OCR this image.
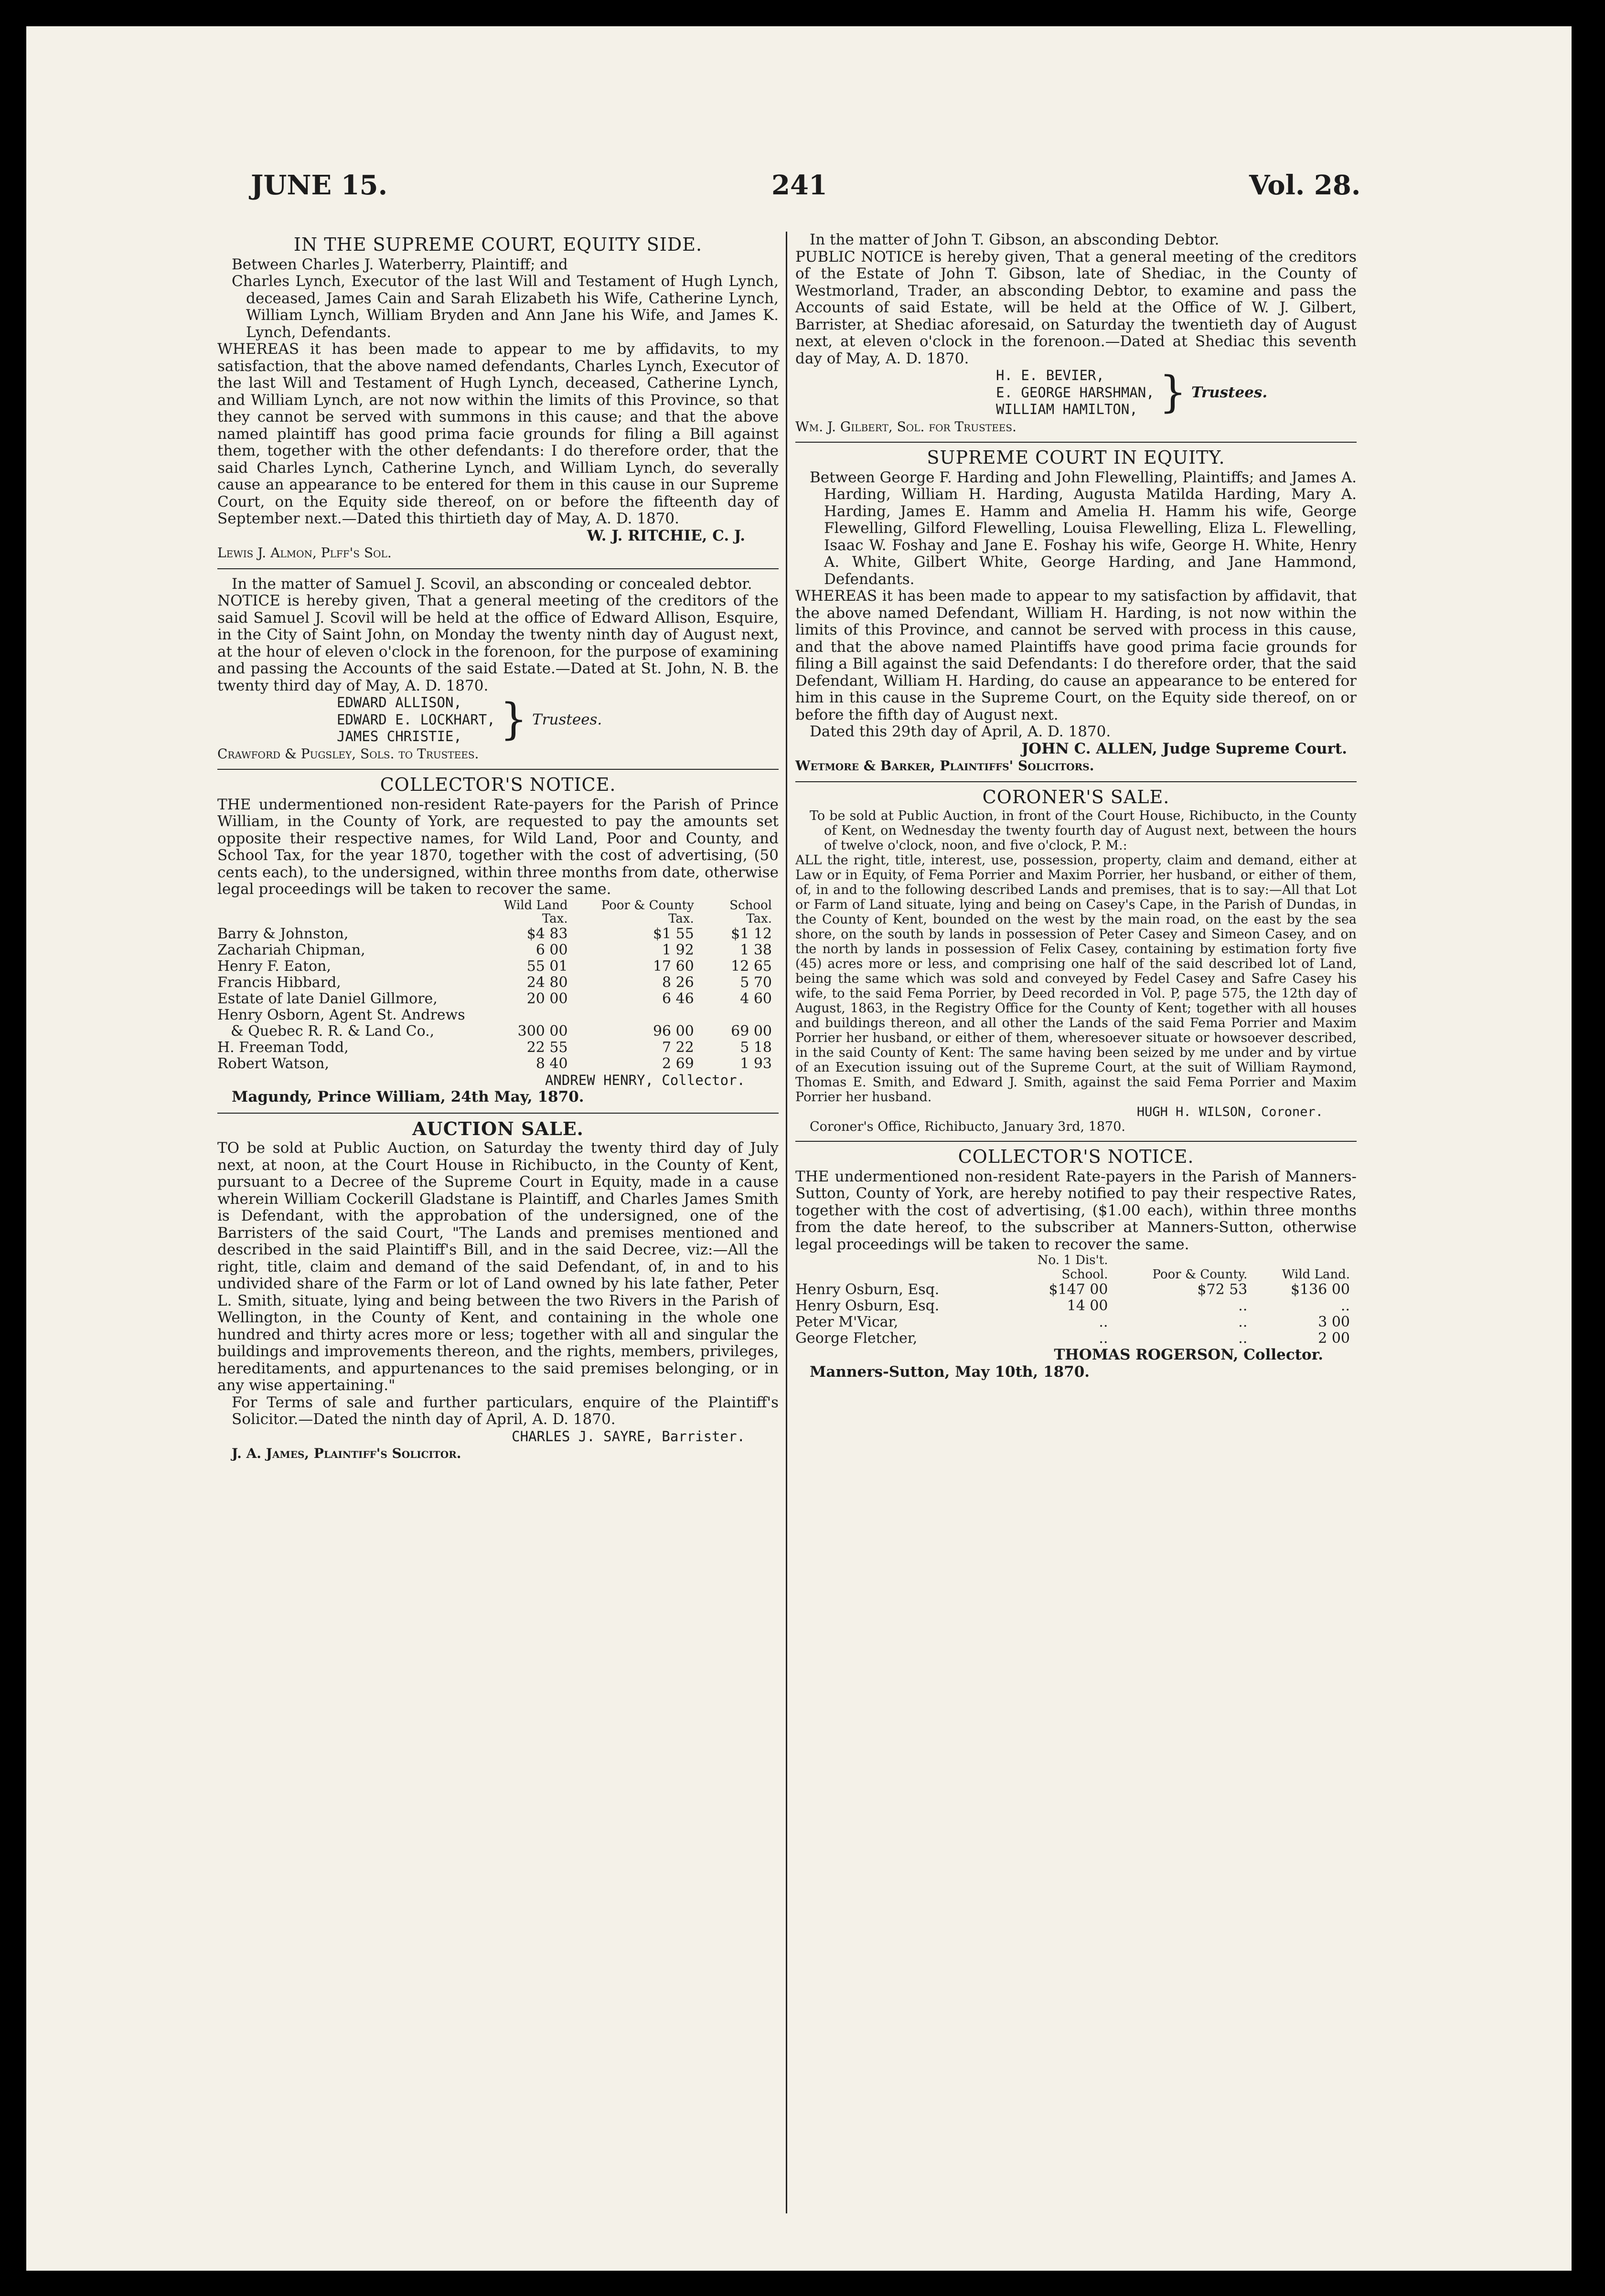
JUNE 15.	241	Vol. 28.
IN THE SUPREME COURT, EQUITY SIDE.

Between Charles J. Waterberry, Plaintiff; and

Charles Lynch, Executor of the last Will and Testament of Hugh Lynch, deceased, James Cain and Sarah Elizabeth his Wife, Catherine Lynch, William Lynch, William Bryden and Ann Jane his Wife, and James K. Lynch, Defendants.

WHEREAS it has been made to appear to me by affidavits, to my satisfaction, that the above named defendants, Charles Lynch, Executor of the last Will and Testament of Hugh Lynch, deceased, Catherine Lynch, and William Lynch, are not now within the limits of this Province, so that they cannot be served with summons in this cause; and that the above named plaintiff has good prima facie grounds for filing a Bill against them, together with the other defendants: I do therefore order, that the said Charles Lynch, Catherine Lynch, and William Lynch, do severally cause an appearance to be entered for them in this cause in our Supreme Court, on the Equity side thereof, on or before the fifteenth day of September next.—Dated this thirtieth day of May, A. D. 1870.

W. J. RITCHIE, C. J.

Lewis J. Almon, Plff's Sol.

In the matter of Samuel J. Scovil, an absconding or concealed debtor.

NOTICE is hereby given, That a general meeting of the creditors of the said Samuel J. Scovil will be held at the office of Edward Allison, Esquire, in the City of Saint John, on Monday the twenty ninth day of August next, at the hour of eleven o'clock in the forenoon, for the purpose of examining and passing the Accounts of the said Estate.—Dated at St. John, N. B. the twenty third day of May, A. D. 1870.

EDWARD ALLISON,
EDWARD E. LOCKHART,
JAMES CHRISTIE, } Trustees.

Crawford & Pugsley, Sols. to Trustees.

COLLECTOR'S NOTICE.

THE undermentioned non-resident Rate-payers for the Parish of Prince William, in the County of York, are requested to pay the amounts set opposite their respective names, for Wild Land, Poor and County, and School Tax, for the year 1870, together with the cost of advertising, (50 cents each), to the undersigned, within three months from date, otherwise legal proceedings will be taken to recover the same.

	Wild Land Tax.	Poor & County Tax.	School Tax.
Barry & Johnston,	$4 83	$1 55	$1 12
Zachariah Chipman,	6 00	1 92	1 38
Henry F. Eaton,	55 01	17 60	12 65
Francis Hibbard,	24 80	8 26	5 70
Estate of late Daniel Gillmore,	20 00	6 46	4 60
Henry Osborn, Agent St. Andrews			
& Quebec R. R. & Land Co.,	300 00	96 00	69 00
H. Freeman Todd,	22 55	7 22	5 18
Robert Watson,	8 40	2 69	1 93

ANDREW HENRY, Collector.

Magundy, Prince William, 24th May, 1870.

AUCTION SALE.

TO be sold at Public Auction, on Saturday the twenty third day of July next, at noon, at the Court House in Richibucto, in the County of Kent, pursuant to a Decree of the Supreme Court in Equity, made in a cause wherein William Cockerill Gladstane is Plaintiff, and Charles James Smith is Defendant, with the approbation of the undersigned, one of the Barristers of the said Court, "The Lands and premises mentioned and described in the said Plaintiff's Bill, and in the said Decree, viz:—All the right, title, claim and demand of the said Defendant, of, in and to his undivided share of the Farm or lot of Land owned by his late father, Peter L. Smith, situate, lying and being between the two Rivers in the Parish of Wellington, in the County of Kent, and containing in the whole one hundred and thirty acres more or less; together with all and singular the buildings and improvements thereon, and the rights, members, privileges, hereditaments, and appurtenances to the said premises belonging, or in any wise appertaining."

For Terms of sale and further particulars, enquire of the Plaintiff's Solicitor.—Dated the ninth day of April, A. D. 1870.

CHARLES J. SAYRE, Barrister.

J. A. James, Plaintiff's Solicitor.

In the matter of John T. Gibson, an absconding Debtor.

PUBLIC NOTICE is hereby given, That a general meeting of the creditors of the Estate of John T. Gibson, late of Shediac, in the County of Westmorland, Trader, an absconding Debtor, to examine and pass the Accounts of said Estate, will be held at the Office of W. J. Gilbert, Barrister, at Shediac aforesaid, on Saturday the twentieth day of August next, at eleven o'clock in the forenoon.—Dated at Shediac this seventh day of May, A. D. 1870.

H. E. BEVIER,
E. GEORGE HARSHMAN,
WILLIAM HAMILTON, } Trustees.

Wm. J. Gilbert, Sol. for Trustees.

SUPREME COURT IN EQUITY.

Between George F. Harding and John Flewelling, Plaintiffs; and James A. Harding, William H. Harding, Augusta Matilda Harding, Mary A. Harding, James E. Hamm and Amelia H. Hamm his wife, George Flewelling, Gilford Flewelling, Louisa Flewelling, Eliza L. Flewelling, Isaac W. Foshay and Jane E. Foshay his wife, George H. White, Henry A. White, Gilbert White, George Harding, and Jane Hammond, Defendants.

WHEREAS it has been made to appear to my satisfaction by affidavit, that the above named Defendant, William H. Harding, is not now within the limits of this Province, and cannot be served with process in this cause, and that the above named Plaintiffs have good prima facie grounds for filing a Bill against the said Defendants: I do therefore order, that the said Defendant, William H. Harding, do cause an appearance to be entered for him in this cause in the Supreme Court, on the Equity side thereof, on or before the fifth day of August next.

Dated this 29th day of April, A. D. 1870.

JOHN C. ALLEN, Judge Supreme Court.

Wetmore & Barker, Plaintiffs' Solicitors.

CORONER'S SALE.

To be sold at Public Auction, in front of the Court House, Richibucto, in the County of Kent, on Wednesday the twenty fourth day of August next, between the hours of twelve o'clock, noon, and five o'clock, P. M.:

ALL the right, title, interest, use, possession, property, claim and demand, either at Law or in Equity, of Fema Porrier and Maxim Porrier, her husband, or either of them, of, in and to the following described Lands and premises, that is to say:—All that Lot or Farm of Land situate, lying and being on Casey's Cape, in the Parish of Dundas, in the County of Kent, bounded on the west by the main road, on the east by the sea shore, on the south by lands in possession of Peter Casey and Simeon Casey, and on the north by lands in possession of Felix Casey, containing by estimation forty five (45) acres more or less, and comprising one half of the said described lot of Land, being the same which was sold and conveyed by Fedel Casey and Safre Casey his wife, to the said Fema Porrier, by Deed recorded in Vol. P, page 575, the 12th day of August, 1863, in the Registry Office for the County of Kent; together with all houses and buildings thereon, and all other the Lands of the said Fema Porrier and Maxim Porrier her husband, or either of them, wheresoever situate or howsoever described, in the said County of Kent: The same having been seized by me under and by virtue of an Execution issuing out of the Supreme Court, at the suit of William Raymond, Thomas E. Smith, and Edward J. Smith, against the said Fema Porrier and Maxim Porrier her husband.

HUGH H. WILSON, Coroner.

Coroner's Office, Richibucto, January 3rd, 1870.

COLLECTOR'S NOTICE.

THE undermentioned non-resident Rate-payers in the Parish of Manners-Sutton, County of York, are hereby notified to pay their respective Rates, together with the cost of advertising, ($1.00 each), within three months from the date hereof, to the subscriber at Manners-Sutton, otherwise legal proceedings will be taken to recover the same.

	No. 1 Dis't.		
	School.	Poor & County.	Wild Land.
Henry Osburn, Esq.	$147 00	$72 53	$136 00
Henry Osburn, Esq.	14 00	..	..
Peter M'Vicar,	..	..	3 00
George Fletcher,	..	..	2 00

THOMAS ROGERSON, Collector.

Manners-Sutton, May 10th, 1870.
